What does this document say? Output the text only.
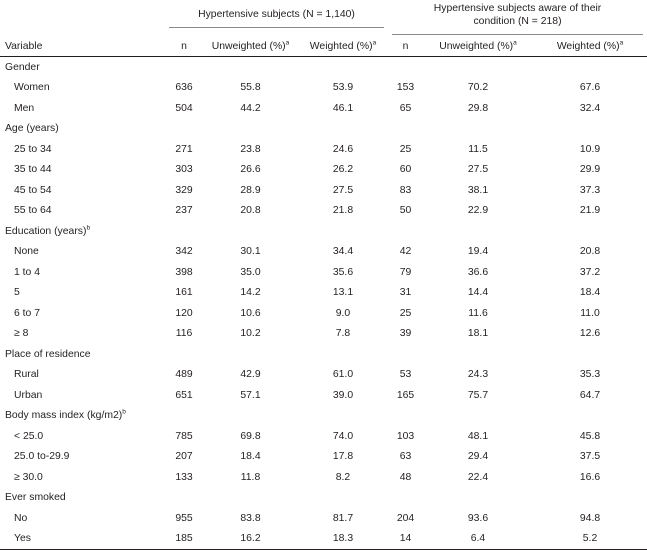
	Hypertensive subjects (N = 1,140)			Hypertensive subjects aware of their
condition (N = 218)		

Variable	n	Unweighted (%)$^a$	Weighted (%)$^a$	n	Unweighted (%)$^a$	Weighted (%)$^a$
Gender						
Women	636	55.8	53.9	153	70.2	67.6
Men	504	44.2	46.1	65	29.8	32.4
Age (years)						
25 to 34	271	23.8	24.6	25	11.5	10.9
35 to 44	303	26.6	26.2	60	27.5	29.9
45 to 54	329	28.9	27.5	83	38.1	37.3
55 to 64	237	20.8	21.8	50	22.9	21.9
Education (years)$^b$						
None	342	30.1	34.4	42	19.4	20.8
1 to 4	398	35.0	35.6	79	36.6	37.2
5	161	14.2	13.1	31	14.4	18.4
6 to 7	120	10.6	9.0	25	11.6	11.0
≥ 8	116	10.2	7.8	39	18.1	12.6
Place of residence						
Rural	489	42.9	61.0	53	24.3	35.3
Urban	651	57.1	39.0	165	75.7	64.7
Body mass index $(kg/m2)^b$						
< 25.0	785	69.8	74.0	103	48.1	45.8
25.0 to-29.9	207	18.4	17.8	63	29.4	37.5
≥ 30.0	133	11.8	8.2	48	22.4	16.6
Ever smoked						
No	955	83.8	81.7	204	93.6	94.8
Yes	185	16.2	18.3	14	6.4	5.2
